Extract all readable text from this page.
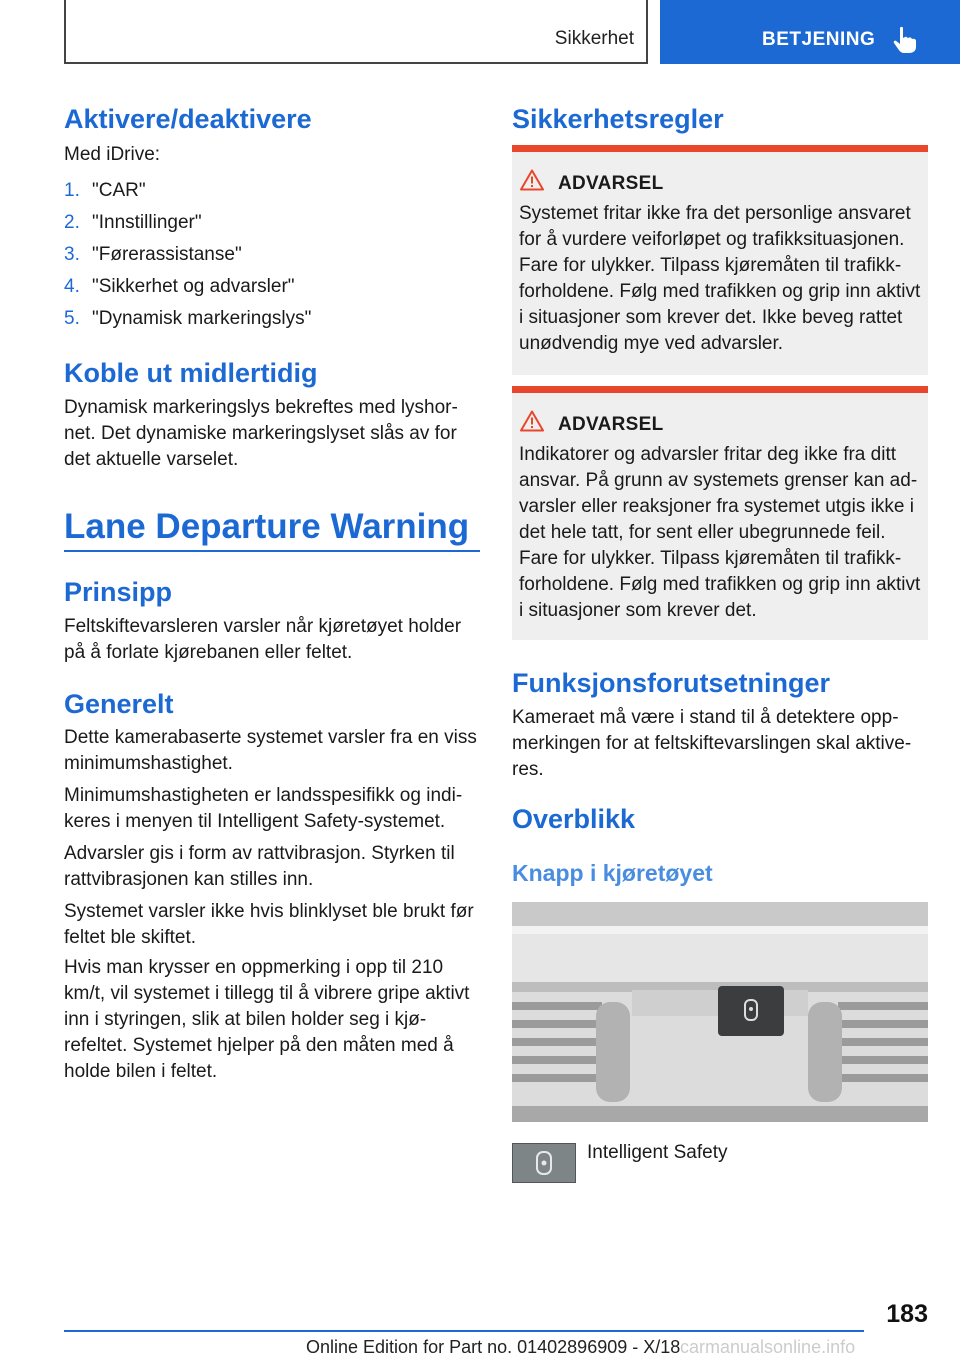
Sikkerhet	BETJENING
Aktivere/deaktivere
Med iDrive:
1. "CAR"
2. "Innstillinger"
3. "Førerassistanse"
4. "Sikkerhet og advarsler"
5. "Dynamisk markeringslys"
Koble ut midlertidig
Dynamisk markeringslys bekreftes med lyshornet. Det dynamiske markeringslyset slås av for det aktuelle varselet.
Lane Departure Warning
Prinsipp
Feltskiftevarsleren varsler når kjøretøyet holder på å forlate kjørebanen eller feltet.
Generelt
Dette kamerabaserte systemet varsler fra en viss minimumshastighet.
Minimumshastigheten er landsspesifikk og indikeres i menyen til Intelligent Safety-systemet.
Advarsler gis i form av rattvibrasjon. Styrken til rattvibrasjonen kan stilles inn.
Systemet varsler ikke hvis blinklyset ble brukt før feltet ble skiftet.
Hvis man krysser en oppmerking i opp til 210 km/t, vil systemet i tillegg til å vibrere gripe aktivt inn i styringen, slik at bilen holder seg i kjørefeltet. Systemet hjelper på den måten med å holde bilen i feltet.
Sikkerhetsregler
ADVARSEL
Systemet fritar ikke fra det personlige ansvaret for å vurdere veiforløpet og trafikksituasjonen. Fare for ulykker. Tilpass kjøremåten til trafikkforholdene. Følg med trafikken og grip inn aktivt i situasjoner som krever det. Ikke beveg rattet unødvendig mye ved advarsler.
ADVARSEL
Indikatorer og advarsler fritar deg ikke fra ditt ansvar. På grunn av systemets grenser kan advarsler eller reaksjoner fra systemet utgis ikke i det hele tatt, for sent eller ubegrunnede feil. Fare for ulykker. Tilpass kjøremåten til trafikkforholdene. Følg med trafikken og grip inn aktivt i situasjoner som krever det.
Funksjonsforutsetninger
Kameraet må være i stand til å detektere oppmerkingen for at feltskiftevarslingen skal aktiveres.
Overblikk
Knapp i kjøretøyet
Intelligent Safety
183
Online Edition for Part no. 01402896909 - X/18 carmanualsonline.info
